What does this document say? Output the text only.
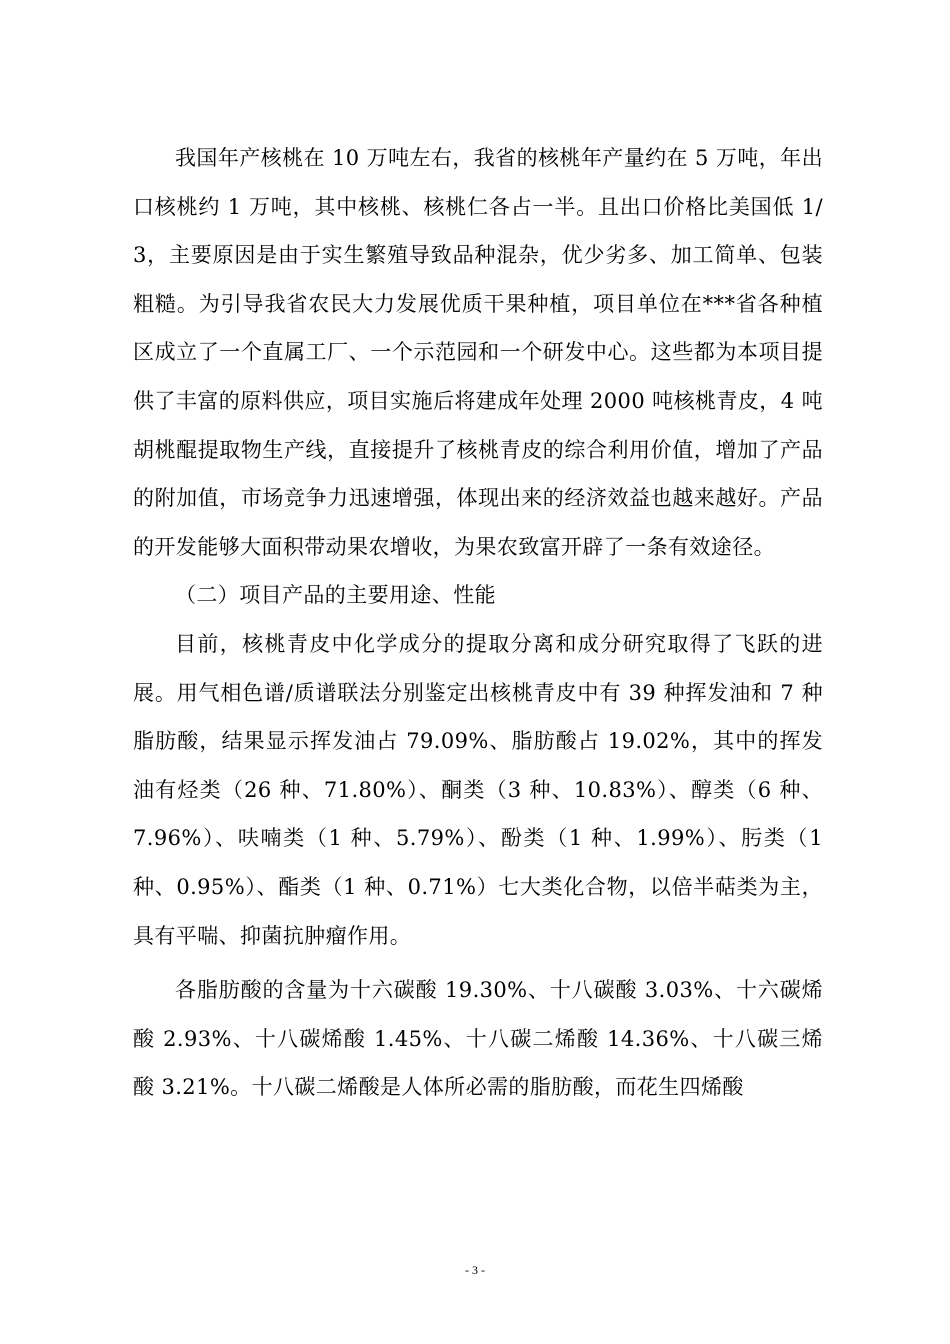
我国年产核桃在 10 万吨左右，我省的核桃年产量约在 5 万吨，年出口核桃约 1 万吨，其中核桃、核桃仁各占一半。且出口价格比美国低 1/3，主要原因是由于实生繁殖导致品种混杂，优少劣多、加工简单、包装粗糙。为引导我省农民大力发展优质干果种植，项目单位在***省各种植区成立了一个直属工厂、一个示范园和一个研发中心。这些都为本项目提供了丰富的原料供应，项目实施后将建成年处理 2000 吨核桃青皮，4 吨胡桃醌提取物生产线，直接提升了核桃青皮的综合利用价值，增加了产品的附加值，市场竞争力迅速增强，体现出来的经济效益也越来越好。产品的开发能够大面积带动果农增收，为果农致富开辟了一条有效途径。

（二）项目产品的主要用途、性能

目前，核桃青皮中化学成分的提取分离和成分研究取得了飞跃的进展。用气相色谱/质谱联法分别鉴定出核桃青皮中有 39 种挥发油和 7 种脂肪酸，结果显示挥发油占 79.09%、脂肪酸占 19.02%，其中的挥发油有烃类（26 种、71.80%）、酮类（3 种、10.83%）、醇类（6 种、7.96%）、呋喃类（1 种、5.79%）、酚类（1 种、1.99%）、肟类（1 种、0.95%）、酯类（1 种、0.71%）七大类化合物，以倍半萜类为主，具有平喘、抑菌抗肿瘤作用。

各脂肪酸的含量为十六碳酸 19.30%、十八碳酸 3.03%、十六碳烯酸 2.93%、十八碳烯酸 1.45%、十八碳二烯酸 14.36%、十八碳三烯酸 3.21%。十八碳二烯酸是人体所必需的脂肪酸，而花生四烯酸

- 3 -
